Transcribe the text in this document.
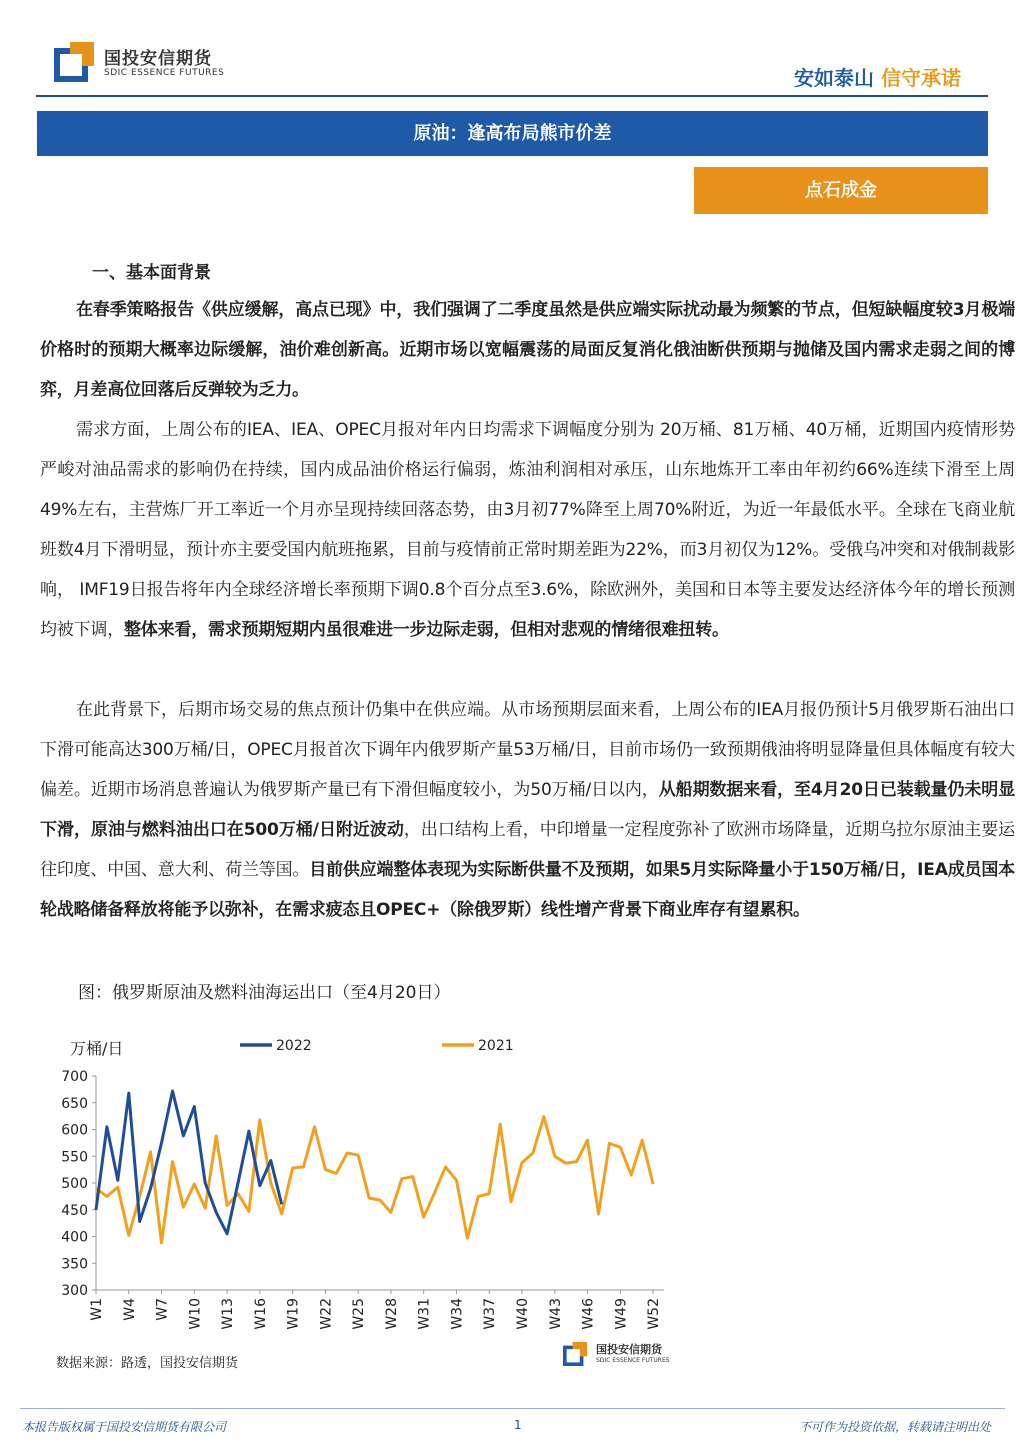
国投安信期货
SDIC ESSENCE FUTURES	安如泰山 信守承诺
原油：逢高布局熊市价差
点石成金
一、基本面背景

在春季策略报告《供应缓解，高点已现》中，我们强调了二季度虽然是供应端实际扰动最为频繁的节点，但短缺幅度较3月极端价格时的预期大概率边际缓解，油价难创新高。近期市场以宽幅震荡的局面反复消化俄油断供预期与抛储及国内需求走弱之间的博弈，月差高位回落后反弹较为乏力。

需求方面，上周公布的IEA、IEA、OPEC月报对年内日均需求下调幅度分别为 20万桶、81万桶、40万桶，近期国内疫情形势严峻对油品需求的影响仍在持续，国内成品油价格运行偏弱，炼油利润相对承压，山东地炼开工率由年初约66%连续下滑至上周49%左右，主营炼厂开工率近一个月亦呈现持续回落态势，由3月初77%降至上周70%附近，为近一年最低水平。全球在飞商业航班数4月下滑明显，预计亦主要受国内航班拖累，目前与疫情前正常时期差距为22%，而3月初仅为12%。受俄乌冲突和对俄制裁影响， IMF19日报告将年内全球经济增长率预期下调0.8个百分点至3.6%，除欧洲外，美国和日本等主要发达经济体今年的增长预测均被下调，整体来看，需求预期短期内虽很难进一步边际走弱，但相对悲观的情绪很难扭转。

在此背景下，后期市场交易的焦点预计仍集中在供应端。从市场预期层面来看，上周公布的IEA月报仍预计5月俄罗斯石油出口下滑可能高达300万桶/日，OPEC月报首次下调年内俄罗斯产量53万桶/日，目前市场仍一致预期俄油将明显降量但具体幅度有较大偏差。近期市场消息普遍认为俄罗斯产量已有下滑但幅度较小，为50万桶/日以内，从船期数据来看，至4月20日已装载量仍未明显下滑，原油与燃料油出口在500万桶/日附近波动，出口结构上看，中印增量一定程度弥补了欧洲市场降量，近期乌拉尔原油主要运往印度、中国、意大利、荷兰等国。目前供应端整体表现为实际断供量不及预期，如果5月实际降量小于150万桶/日，IEA成员国本轮战略储备释放将能予以弥补，在需求疲态且OPEC+（除俄罗斯）线性增产背景下商业库存有望累积。

图：俄罗斯原油及燃料油海运出口（至4月20日）
万桶/日	2022	2021
300
350
400
450
500
550
600
650
700
W1 W4 W7 W10 W13 W16 W19 W22 W25 W28 W31 W34 W37 W40 W43 W46 W49 W52
数据来源：路透，国投安信期货
国投安信期货
SDIC ESSENCE FUTURES
本报告版权属于国投安信期货有限公司	1	不可作为投资依据，转载请注明出处
